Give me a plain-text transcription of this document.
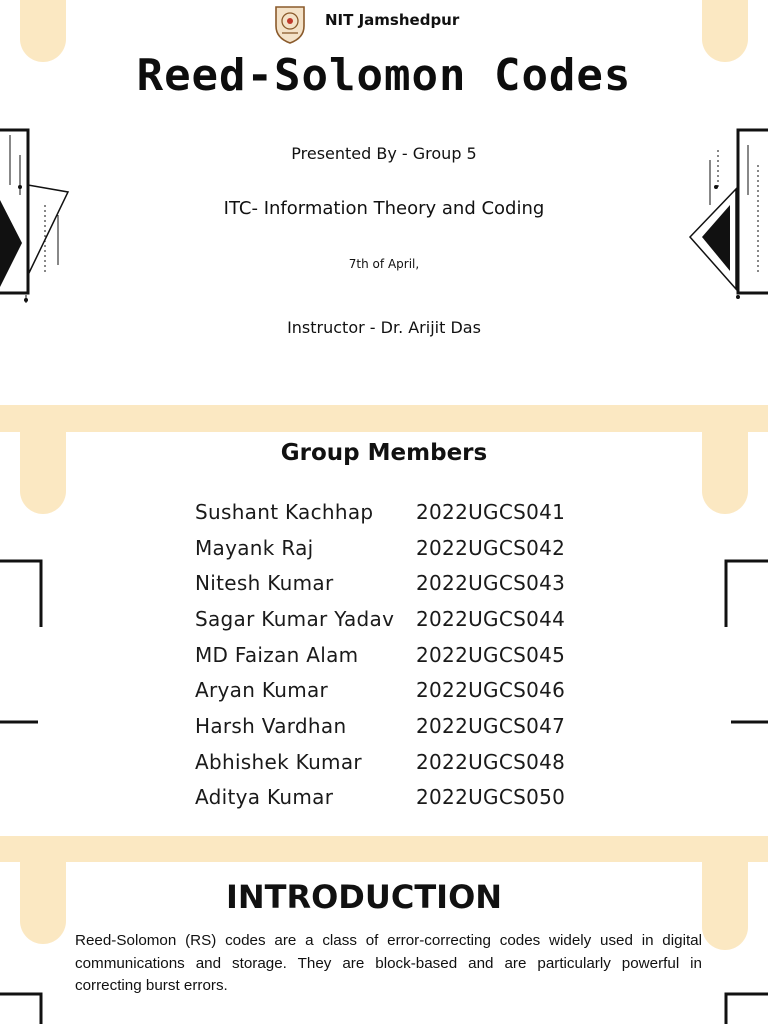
NIT Jamshedpur
Reed-Solomon Codes
Presented By - Group 5
ITC- Information Theory and Coding
7th of April,
Instructor - Dr. Arijit Das
Group Members
Sushant Kachhap	2022UGCS041
Mayank Raj	2022UGCS042
Nitesh Kumar	2022UGCS043
Sagar Kumar Yadav	2022UGCS044
MD Faizan Alam	2022UGCS045
Aryan Kumar	2022UGCS046
Harsh Vardhan	2022UGCS047
Abhishek Kumar	2022UGCS048
Aditya Kumar	2022UGCS050
INTRODUCTION

Reed-Solomon (RS) codes are a class of error-correcting codes widely used in digital communications and storage. They are block-based and are particularly powerful in correcting burst errors.
